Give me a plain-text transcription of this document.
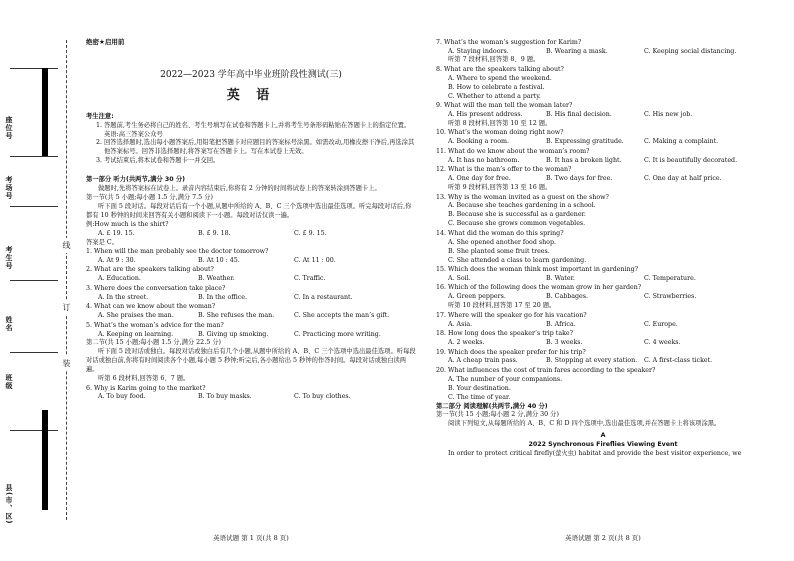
座位号
考场号
考生号
姓名
班级
县(市、区)
线
订
装
绝密★启用前
2022—2023 学年高中毕业班阶段性测试(三)
英 语
考生注意:
1. 答题前,考生务必将自己的姓名、考生号填写在试卷和答题卡上,并将考生号条形码粘贴在答题卡上的指定位置。英语:高三答案公众号
2. 回答选择题时,选出每小题答案后,用铅笔把答题卡对应题目的答案标号涂黑。如需改动,用橡皮擦干净后,再选涂其他答案标号。回答非选择题时,将答案写在答题卡上。写在本试卷上无效。
3. 考试结束后,将本试卷和答题卡一并交回。
第一部分 听力(共两节,满分 30 分)
做题时,先将答案标在试卷上。录音内容结束后,你将有 2 分钟的时间将试卷上的答案转涂到答题卡上。
第一节(共 5 小题;每小题 1.5 分,满分 7.5 分)
听下面 5 段对话。每段对话后有一个小题,从题中所给的 A、B、C 三个选项中选出最佳选项。听完每段对话后,你都有 10 秒钟的时间来回答有关小题和阅读下一小题。每段对话仅读一遍。
例:How much is the shirt?
A. £ 19. 15.	B. £ 9. 18.	C. £ 9. 15.
答案是 C。
1. When will the man probably see the doctor tomorrow?
A. At 9 : 30.	B. At 10 : 45.	C. At 11 : 00.
2. What are the speakers talking about?
A. Education.	B. Weather.	C. Traffic.
3. Where does the conversation take place?
A. In the street.	B. In the office.	C. In a restaurant.
4. What can we know about the woman?
A. She praises the man.	B. She refuses the man.	C. She accepts the man’s gift.
5. What’s the woman’s advice for the man?
A. Keeping on learning.	B. Giving up smoking.	C. Practicing more writing.
第二节(共 15 小题;每小题 1.5 分,满分 22.5 分)
听下面 5 段对话或独白。每段对话或独白后有几个小题,从题中所给的 A、B、C 三个选项中选出最佳选项。听每段对话或独白前,你将有时间阅读各个小题,每小题 5 秒钟;听完后,各小题给出 5 秒钟的作答时间。每段对话或独白读两遍。
听第 6 段材料,回答第 6、7 题。
6. Why is Karim going to the market?
A. To buy food.	B. To buy masks.	C. To buy clothes.
英语试题 第 1 页(共 8 页)
7. What’s the woman’s suggestion for Karim?
A. Staying indoors.	B. Wearing a mask.	C. Keeping social distancing.
听第 7 段材料,回答第 8、9 题。
8. What are the speakers talking about?
A. Where to spend the weekend.
B. How to celebrate a festival.
C. Whether to attend a party.
9. What will the man tell the woman later?
A. His present address.	B. His final decision.	C. His new job.
听第 8 段材料,回答第 10 至 12 题。
10. What’s the woman doing right now?
A. Booking a room.	B. Expressing gratitude.	C. Making a complaint.
11. What do we know about the woman’s room?
A. It has no bathroom.	B. It has a broken light.	C. It is beautifully decorated.
12. What is the man’s offer to the woman?
A. One day for free.	B. Two days for free.	C. One day at half price.
听第 9 段材料,回答第 13 至 16 题。
13. Why is the woman invited as a guest on the show?
A. Because she teaches gardening in a school.
B. Because she is successful as a gardener.
C. Because she grows common vegetables.
14. What did the woman do this spring?
A. She opened another food shop.
B. She planted some fruit trees.
C. She attended a class to learn gardening.
15. Which does the woman think most important in gardening?
A. Soil.	B. Water.	C. Temperature.
16. Which of the following does the woman grow in her garden?
A. Green peppers.	B. Cabbages.	C. Strawberries.
听第 10 段材料,回答第 17 至 20 题。
17. Where will the speaker go for his vacation?
A. Asia.	B. Africa.	C. Europe.
18. How long does the speaker’s trip take?
A. 2 weeks.	B. 3 weeks.	C. 4 weeks.
19. Which does the speaker prefer for his trip?
A. A cheap train pass.	B. Stopping at every station.	C. A first-class ticket.
20. What influences the cost of train fares according to the speaker?
A. The number of your companions.
B. Your destination.
C. The time of year.
第二部分 阅读理解(共两节,满分 40 分)
第一节(共 15 小题;每小题 2 分,满分 30 分)
阅读下列短文,从每题所给的 A、B、C 和 D 四个选项中,选出最佳选项,并在答题卡上将该项涂黑。
A
2022 Synchronous Fireflies Viewing Event
In order to protect critical firefly(萤火虫) habitat and provide the best visitor experience, we
英语试题 第 2 页(共 8 页)
